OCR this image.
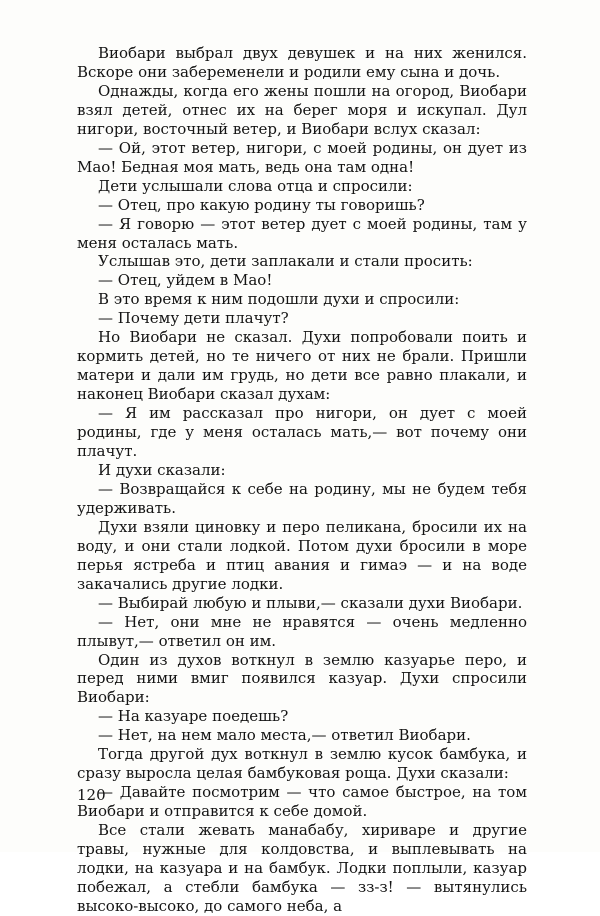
Виобари выбрал двух девушек и на них женился. Вскоре они забеременели и родили ему сына и дочь.

Однажды, когда его жены пошли на огород, Виобари взял детей, отнес их на берег моря и искупал. Дул нигори, восточный ветер, и Виобари вслух сказал:

— Ой, этот ветер, нигори, с моей родины, он дует из Мао! Бедная моя мать, ведь она там одна!

Дети услышали слова отца и спросили:

— Отец, про какую родину ты говоришь?

— Я говорю — этот ветер дует с моей родины, там у меня осталась мать.

Услышав это, дети заплакали и стали просить:

— Отец, уйдем в Мао!

В это время к ним подошли духи и спросили:

— Почему дети плачут?

Но Виобари не сказал. Духи попробовали поить и кормить детей, но те ничего от них не брали. Пришли матери и дали им грудь, но дети все равно плакали, и наконец Виобари сказал духам:

— Я им рассказал про нигори, он дует с моей родины, где у меня осталась мать,— вот почему они плачут.

И духи сказали:

— Возвращайся к себе на родину, мы не будем тебя удерживать.

Духи взяли циновку и перо пеликана, бросили их на воду, и они стали лодкой. Потом духи бросили в море перья ястреба и птиц авания и гимаэ — и на воде закачались другие лодки.

— Выбирай любую и плыви,— сказали духи Виобари.

— Нет, они мне не нравятся — очень медленно плывут,— ответил он им.

Один из духов воткнул в землю казуарье перо, и перед ними вмиг появился казуар. Духи спросили Виобари:

— На казуаре поедешь?

— Нет, на нем мало места,— ответил Виобари.

Тогда другой дух воткнул в землю кусок бамбука, и сразу выросла целая бамбуковая роща. Духи сказали:

— Давайте посмотрим — что самое быстрое, на том Виобари и отправится к себе домой.

Все стали жевать манабабу, хириваре и другие травы, нужные для колдовства, и выплевывать на лодки, на казуара и на бамбук. Лодки поплыли, казуар побежал, а стебли бамбука — зз-з! — вытянулись высоко-высоко, до самого неба, а

120
